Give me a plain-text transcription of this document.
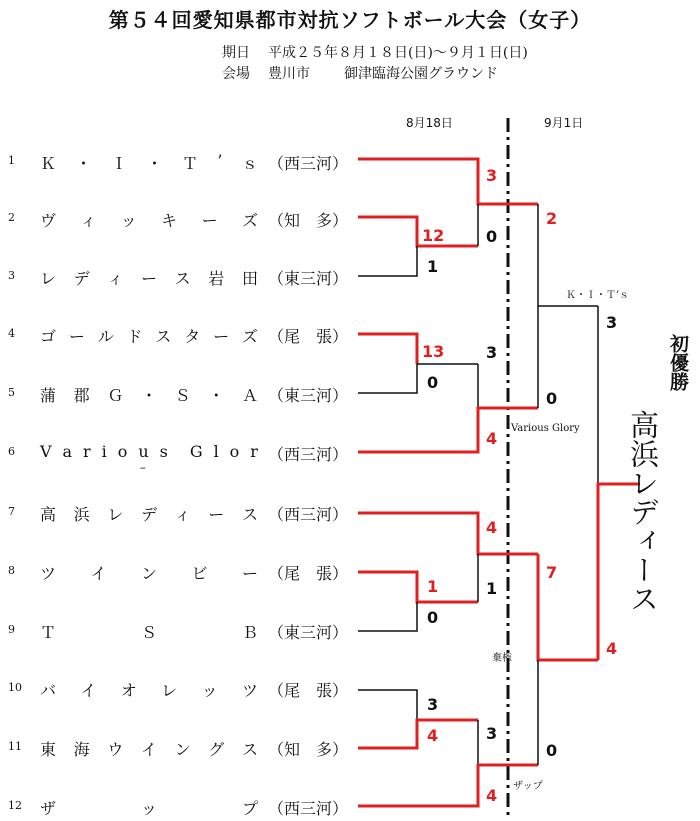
第５４回愛知県都市対抗ソフトボール大会（女子）
期日 平成２５年８月１８日(日)～９月１日(日)
会場 豊川市 御津臨海公園グラウンド
8月18日	9月1日
1	Ｋ ・ Ｉ ・ Ｔ ’ ｓ （西三河）
2	ヴ ィ ッ キ ー ズ （知　多）
3	レ デ ィ ー ス 岩 田 （東三河）
4	ゴ ー ル ド ス タ ー ズ （尾　張）
5	蒲 郡 Ｇ ・ Ｓ ・ Ａ （東三河）
6	V a r i o u s G l o r （西三河）
7	高 浜 レ デ ィ ー ス （西三河）
8	ツ イ ン ビ ー （尾　張）
9	Ｔ	Ｓ	Ｂ （東三河）
10 バ イ オ レ ッ ツ （尾　張）
11 東 海 ウ イ ン グ ス （知　多）
12 ザ	ッ	プ （西三河）
--
12
1
13
0
1
0
3
4
3
0
3
4
4
1
3
4
2
0
7
0
3
4
Ｋ・Ｉ・Ｔ’ｓ
Various Glory
棄権
ザップ
初優勝
高浜レディース
